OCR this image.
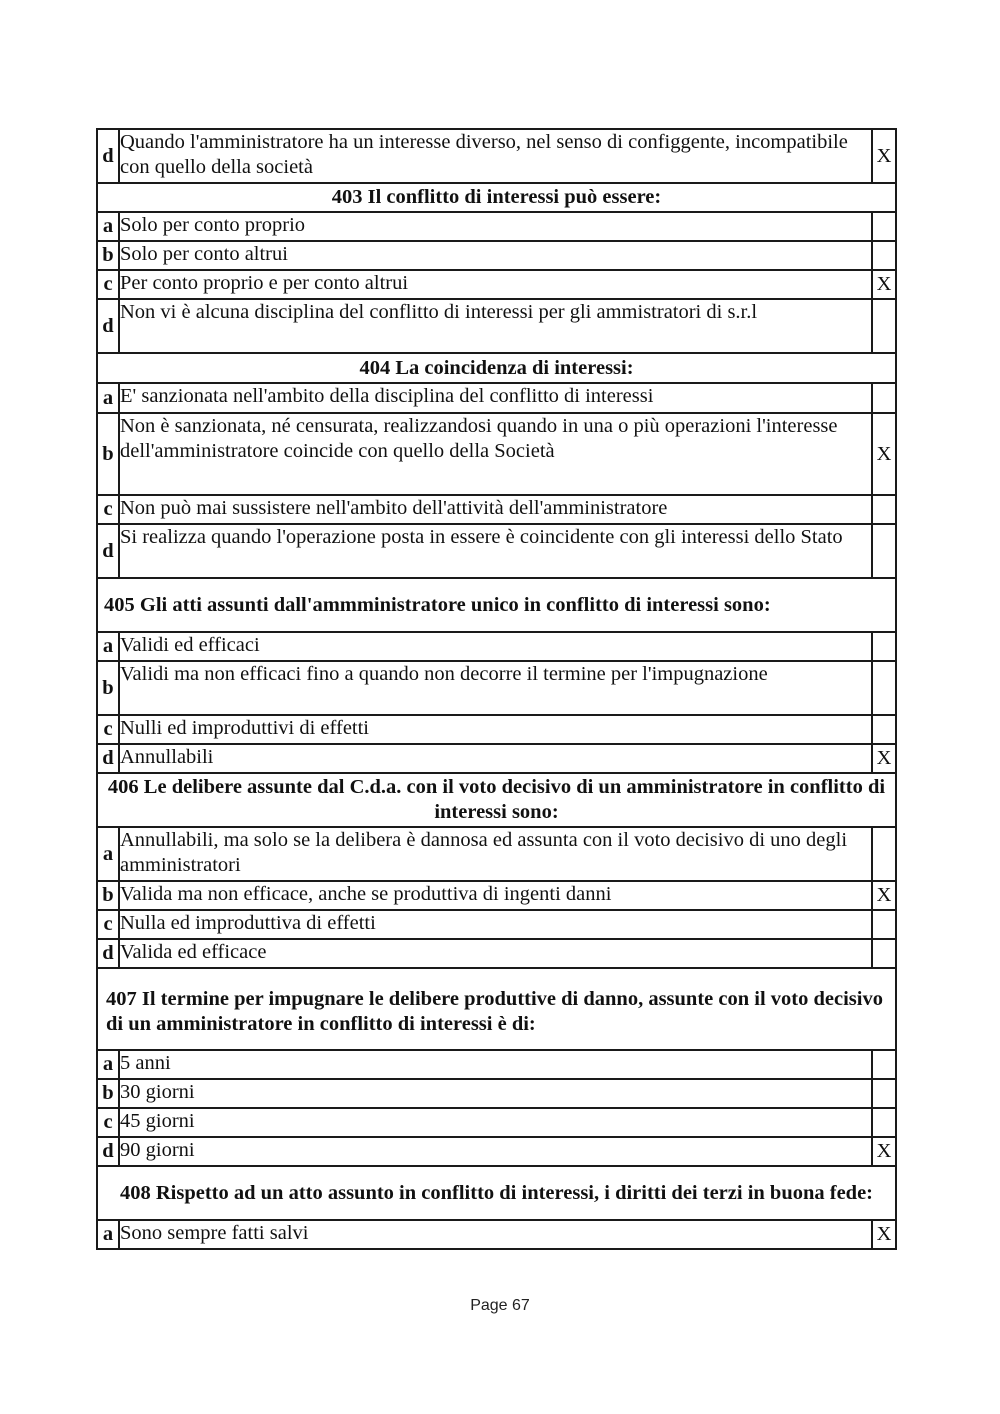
d	Quando l'amministratore ha un interesse diverso, nel senso di configgente, incompatibile con quello della società	X
403 Il conflitto di interessi può essere:		
a	Solo per conto proprio	
b	Solo per conto altrui	
c	Per conto proprio e per conto altrui	X
d	Non vi è alcuna disciplina del conflitto di interessi per gli ammistratori di s.r.l	
404 La coincidenza di interessi:		
a	E' sanzionata nell'ambito della disciplina del conflitto di interessi	
b	Non è sanzionata, né censurata, realizzandosi quando in una o più operazioni l'interesse dell'amministratore coincide con quello della Società	X
c	Non può mai sussistere nell'ambito dell'attività dell'amministratore	
d	Si realizza quando l'operazione posta in essere è coincidente con gli interessi dello Stato	
405 Gli atti assunti dall'ammministratore unico in conflitto di interessi sono:		
a	Validi ed efficaci	
b	Validi ma non efficaci fino a quando non decorre il termine per l'impugnazione	
c	Nulli ed improduttivi di effetti	
d	Annullabili	X
406 Le delibere assunte dal C.d.a. con il voto decisivo di un amministratore in conflitto di interessi sono:		
a	Annullabili, ma solo se la delibera è dannosa ed assunta con il voto decisivo di uno degli amministratori	
b	Valida ma non efficace, anche se produttiva di ingenti danni	X
c	Nulla ed improduttiva di effetti	
d	Valida ed efficace	
407 Il termine per impugnare le delibere produttive di danno, assunte con il voto decisivo di un amministratore in conflitto di interessi è di:		
a	5 anni	
b	30 giorni	
c	45 giorni	
d	90 giorni	X
408 Rispetto ad un atto assunto in conflitto di interessi, i diritti dei terzi in buona fede:		
a	Sono sempre fatti salvi	X
Page 67
